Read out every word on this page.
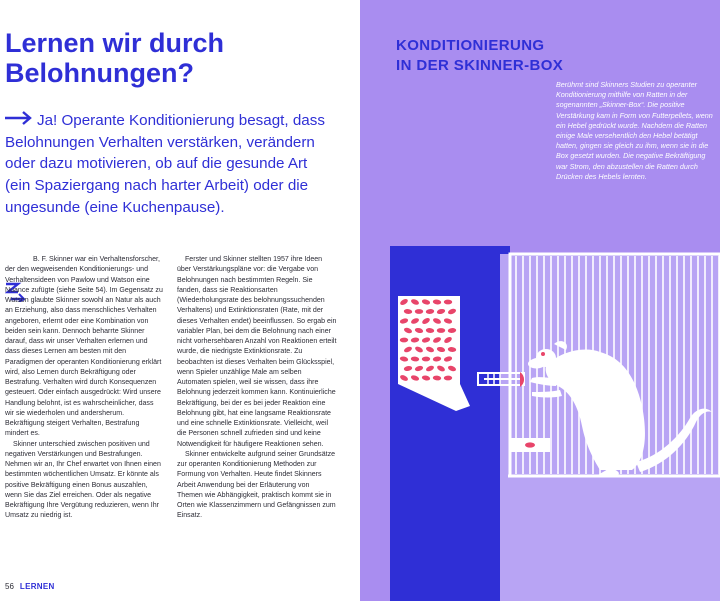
Lernen wir durch Belohnungen?
Ja! Operante Konditionierung besagt, dass Belohnungen Verhalten verstärken, verändern oder dazu motivieren, ob auf die gesunde Art (ein Spaziergang nach harter Arbeit) oder die ungesunde (eine Kuchenpause).

B. F. Skinner war ein Verhaltensforscher, der den wegweisenden Konditionierungs- und Verhaltensideen von Pawlow und Watson eine Nuance zufügte (siehe Seite 54). Im Gegensatz zu Watson glaubte Skinner sowohl an Natur als auch an Erziehung, also dass menschliches Verhalten angeboren, erlernt oder eine Kombination von beiden sein kann. Dennoch beharrte Skinner darauf, dass wir unser Verhalten erlernen und dass dieses Lernen am besten mit den Paradigmen der operanten Konditionierung erklärt wird, also Lernen durch Bekräftigung oder Bestrafung. Verhalten wird durch Konsequenzen gesteuert. Oder einfach ausgedrückt: Wird unsere Handlung belohnt, ist es wahrscheinlicher, dass wir sie wiederholen und andersherum. Bekräftigung steigert Verhalten, Bestrafung mindert es.

Skinner unterschied zwischen positiven und negativen Verstärkungen und Bestrafungen. Nehmen wir an, Ihr Chef erwartet von Ihnen einen bestimmten wöchentlichen Umsatz. Er könnte als positive Bekräftigung einen Bonus auszahlen, wenn Sie das Ziel erreichen. Oder als negative Bekräftigung Ihre Vergütung reduzieren, wenn Ihr Umsatz zu niedrig ist.

Ferster und Skinner stellten 1957 ihre Ideen über Verstärkungspläne vor: die Vergabe von Belohnungen nach bestimmten Regeln. Sie fanden, dass sie Reaktionsarten (Wiederholungsrate des belohnungssuchenden Verhaltens) und Extinktionsraten (Rate, mit der dieses Verhalten endet) beeinflussen. So ergab ein variabler Plan, bei dem die Belohnung nach einer nicht vorhersehbaren Anzahl von Reaktionen erteilt wurde, die niedrigste Extinktionsrate. Zu beobachten ist dieses Verhalten beim Glücksspiel, wenn Spieler unzählige Male am selben Automaten spielen, weil sie wissen, dass ihre Belohnung jederzeit kommen kann. Kontinuierliche Bekräftigung, bei der es bei jeder Reaktion eine Belohnung gibt, hat eine langsame Reaktionsrate und eine schnelle Extinktionsrate. Vielleicht, weil die Personen schnell zufrieden sind und keine Notwendigkeit für häufigere Reaktionen sehen.

Skinner entwickelte aufgrund seiner Grundsätze zur operanten Konditionierung Methoden zur Formung von Verhalten. Heute findet Skinners Arbeit Anwendung bei der Erläuterung von Themen wie Abhängigkeit, praktisch kommt sie in Orten wie Klassenzimmern und Gefängnissen zum Einsatz.

56 LERNEN
KONDITIONIERUNG
IN DER SKINNER-BOX
Berühmt sind Skinners Studien zu operanter Konditionierung mithilfe von Ratten in der sogenannten „Skinner-Box“. Die positive Verstärkung kam in Form von Futterpellets, wenn ein Hebel gedrückt wurde. Nachdem die Ratten einige Male versehentlich den Hebel betätigt hatten, gingen sie gleich zu ihm, wenn sie in die Box gesetzt wurden. Die negative Bekräftigung war Strom, den abzustellen die Ratten durch Drücken des Hebels lernten.
